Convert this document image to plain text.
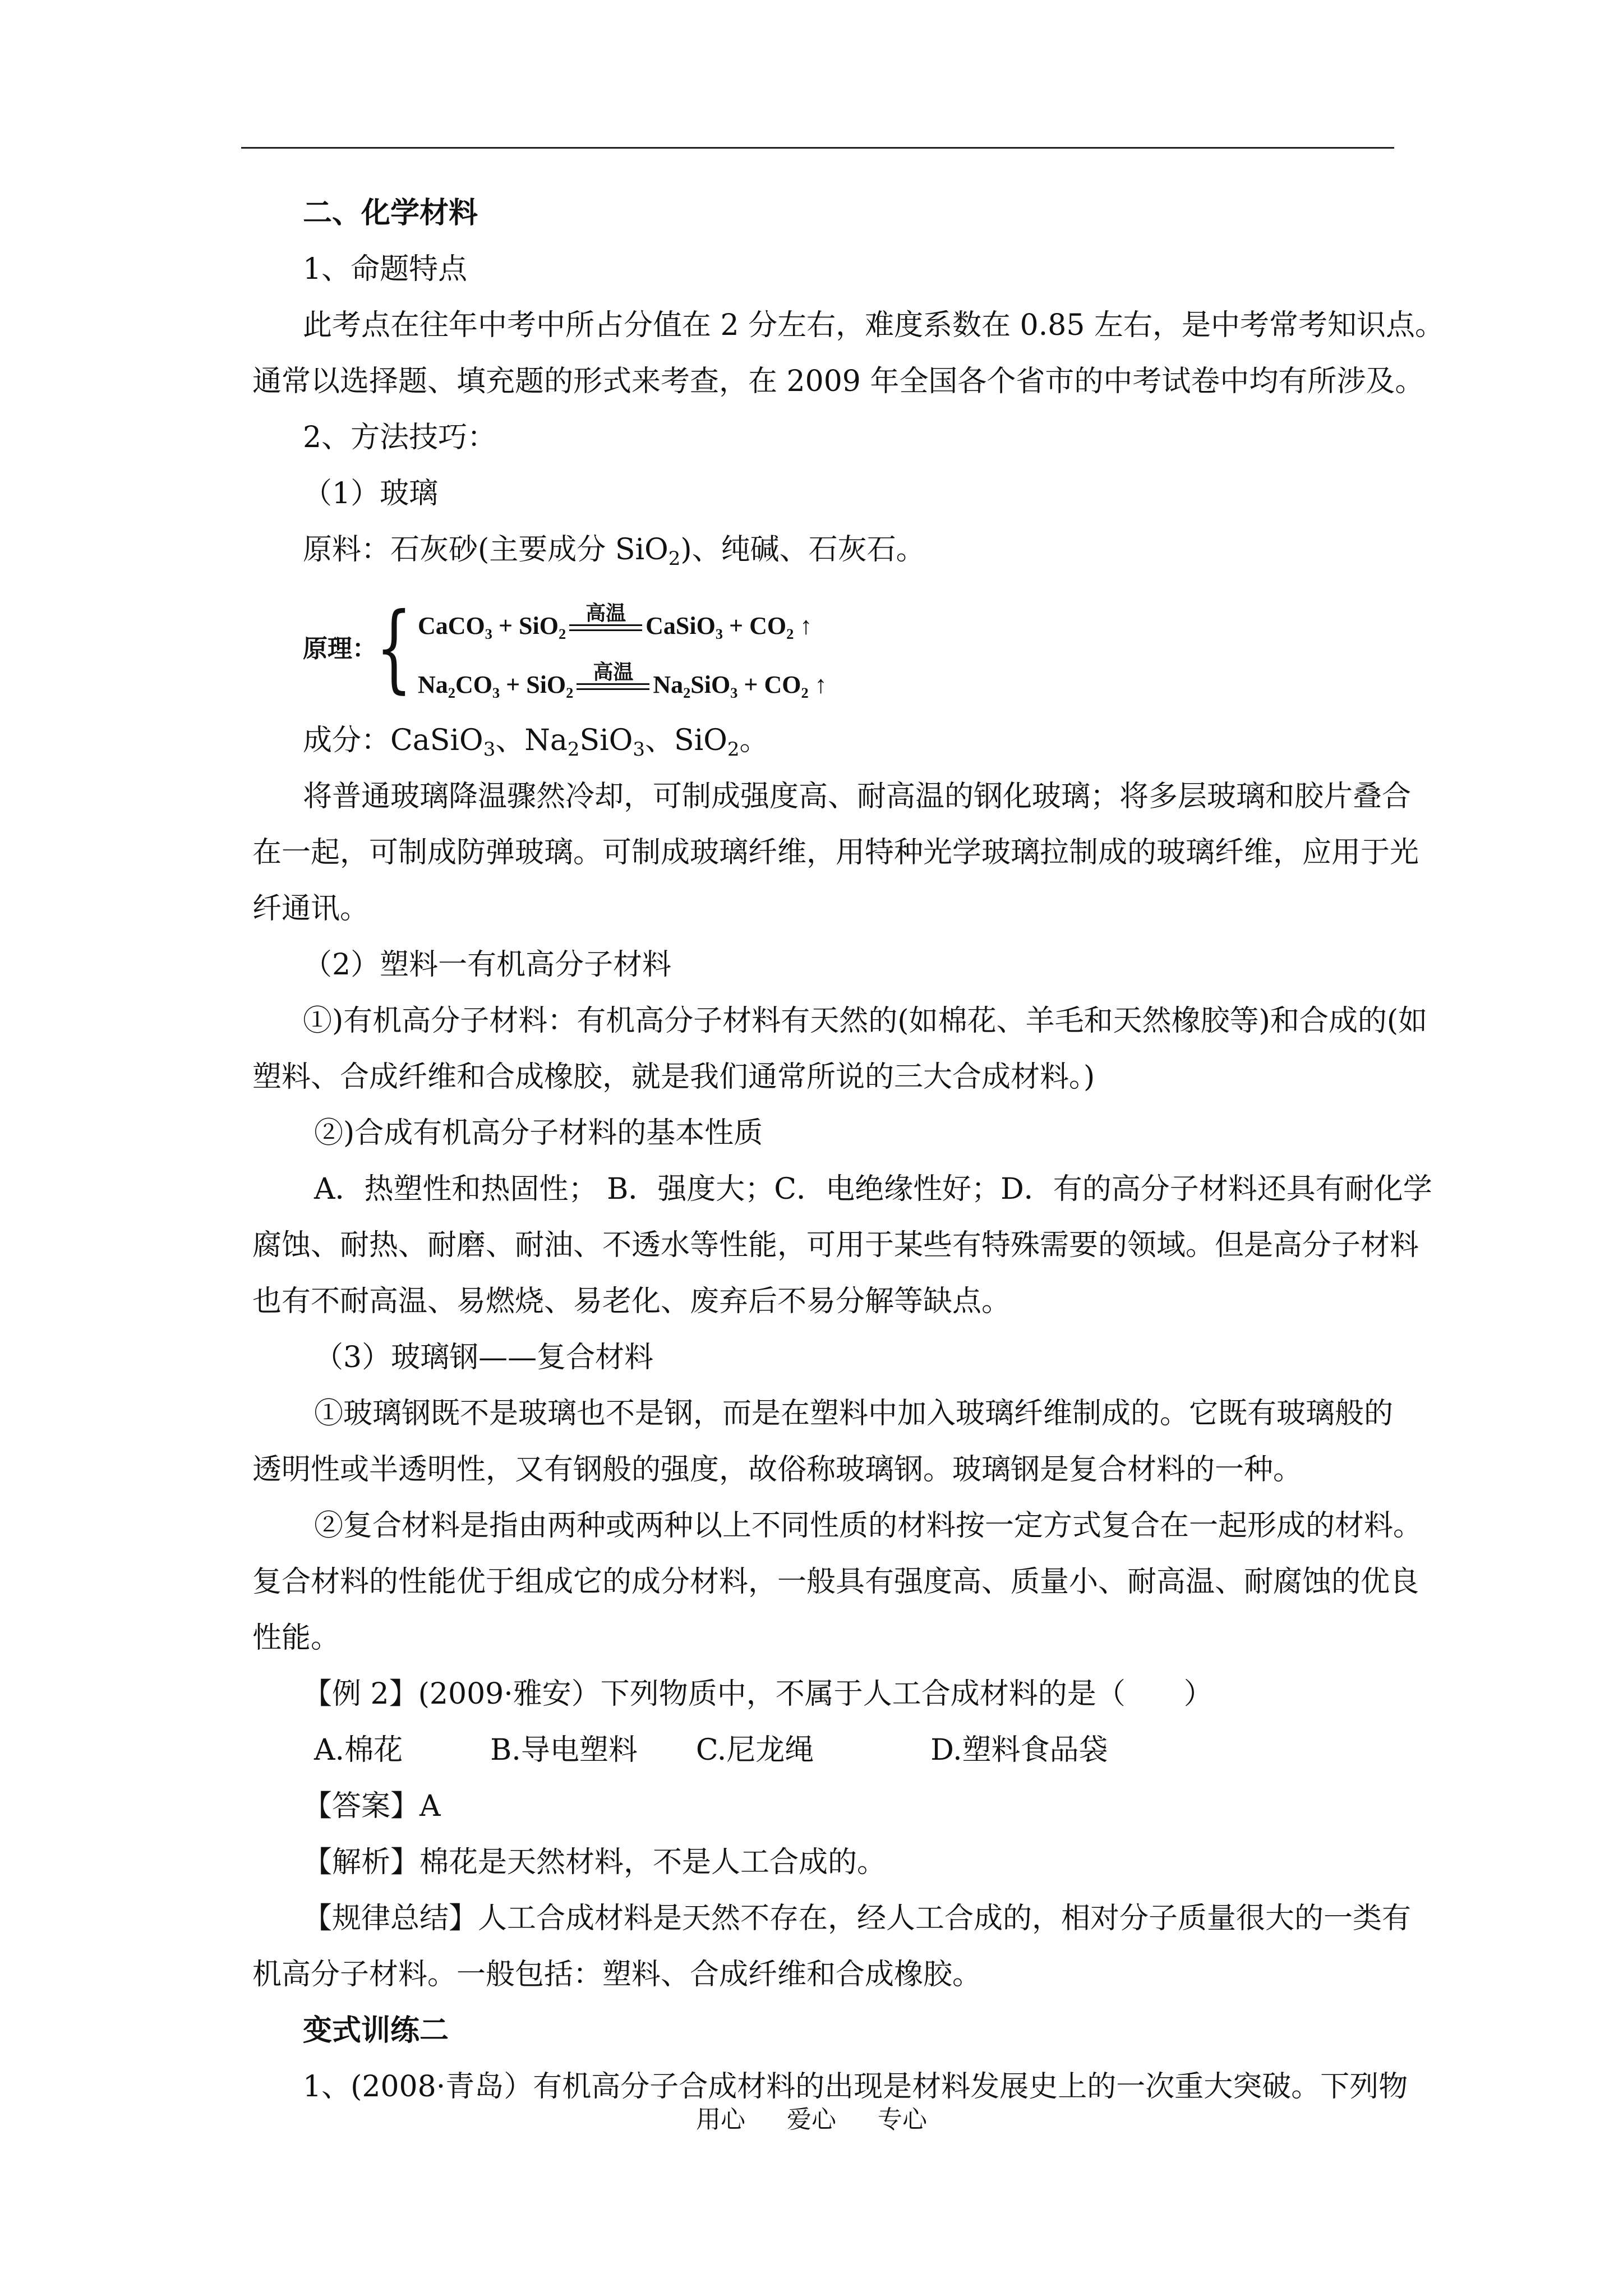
二、化学材料
1、命题特点
此考点在往年中考中所占分值在 2 分左右，难度系数在 0.85 左右，是中考常考知识点。
通常以选择题、填充题的形式来考查，在 2009 年全国各个省市的中考试卷中均有所涉及。
2、方法技巧：
（1）玻璃
原料：石灰砂(主要成分 SiO$_2$)、纯碱、石灰石。
原理：
{ CaCO₃ + SiO₂ 高温 CaSiO₃ + CO₂ ↑
Na₂CO₃ + SiO₂ 高温 Na₂SiO₃ + CO₂ ↑
成分：CaSiO$_3$、$Na_2SiO_3$、SiO$_2$。
将普通玻璃降温骤然冷却，可制成强度高、耐高温的钢化玻璃；将多层玻璃和胶片叠合
在一起，可制成防弹玻璃。可制成玻璃纤维，用特种光学玻璃拉制成的玻璃纤维，应用于光
纤通讯。
（2）塑料一有机高分子材料
①)有机高分子材料：有机高分子材料有天然的(如棉花、羊毛和天然橡胶等)和合成的(如
塑料、合成纤维和合成橡胶，就是我们通常所说的三大合成材料。)
②)合成有机高分子材料的基本性质
A．热塑性和热固性； B．强度大；C．电绝缘性好；D．有的高分子材料还具有耐化学
腐蚀、耐热、耐磨、耐油、不透水等性能，可用于某些有特殊需要的领域。但是高分子材料
也有不耐高温、易燃烧、易老化、废弃后不易分解等缺点。
（3）玻璃钢——复合材料
①玻璃钢既不是玻璃也不是钢，而是在塑料中加入玻璃纤维制成的。它既有玻璃般的
透明性或半透明性，又有钢般的强度，故俗称玻璃钢。玻璃钢是复合材料的一种。
②复合材料是指由两种或两种以上不同性质的材料按一定方式复合在一起形成的材料。
复合材料的性能优于组成它的成分材料，一般具有强度高、质量小、耐高温、耐腐蚀的优良
性能。
【例 2】(2009·雅安）下列物质中，不属于人工合成材料的是（　　）
A.棉花　　　B.导电塑料　　C.尼龙绳　　　　D.塑料食品袋
【答案】A
【解析】棉花是天然材料，不是人工合成的。
【规律总结】人工合成材料是天然不存在，经人工合成的，相对分子质量很大的一类有
机高分子材料。一般包括：塑料、合成纤维和合成橡胶。
变式训练二
1、(2008·青岛）有机高分子合成材料的出现是材料发展史上的一次重大突破。下列物
用心 爱心 专心
